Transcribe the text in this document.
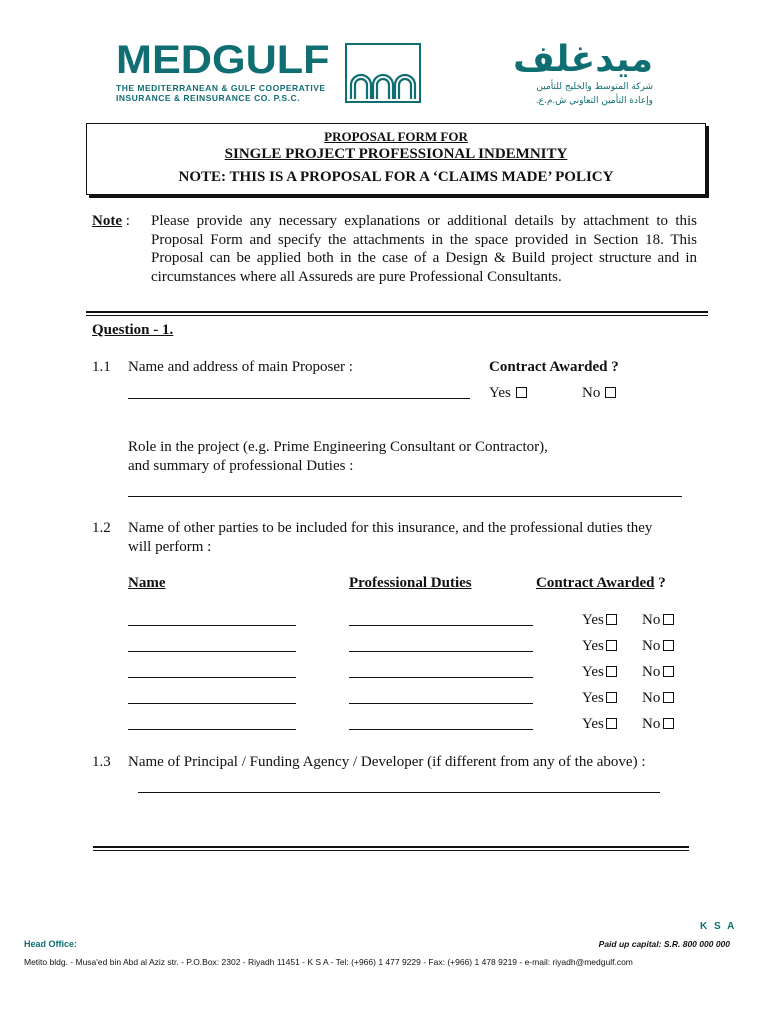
MEDGULF
THE MEDITERRANEAN & GULF COOPERATIVE
INSURANCE & REINSURANCE CO. P.S.C.
ميدغلف
شركة المتوسط والخليج للتأمين
وإعادة التأمين التعاوني ش.م.ع.
PROPOSAL FORM FOR
SINGLE PROJECT PROFESSIONAL INDEMNITY
NOTE: THIS IS A PROPOSAL FOR A ‘CLAIMS MADE’ POLICY
Note : Please provide any necessary explanations or additional details by attachment to this Proposal Form and specify the attachments in the space provided in Section 18. This Proposal can be applied both in the case of a Design & Build project structure and in circumstances where all Assureds are pure Professional Consultants.
Question - 1.
1.1 Name and address of main Proposer :	Contract Awarded ?
Yes	No
Role in the project (e.g. Prime Engineering Consultant or Contractor),
and summary of professional Duties :
1.2 Name of other parties to be included for this insurance, and the professional duties they
will perform :
Name	Professional Duties	Contract Awarded ?
Yes	No
Yes	No
Yes	No
Yes	No
Yes	No
1.3 Name of Principal / Funding Agency / Developer (if different from any of the above) :
K S A
Paid up capital: S.R. 800 000 000
Head Office:
Metito bldg. - Musa'ed bin Abd al Aziz str. - P.O.Box: 2302 - Riyadh 11451 - K S A - Tel: (+966) 1 477 9229 - Fax: (+966) 1 478 9219 - e-mail: riyadh@medgulf.com
